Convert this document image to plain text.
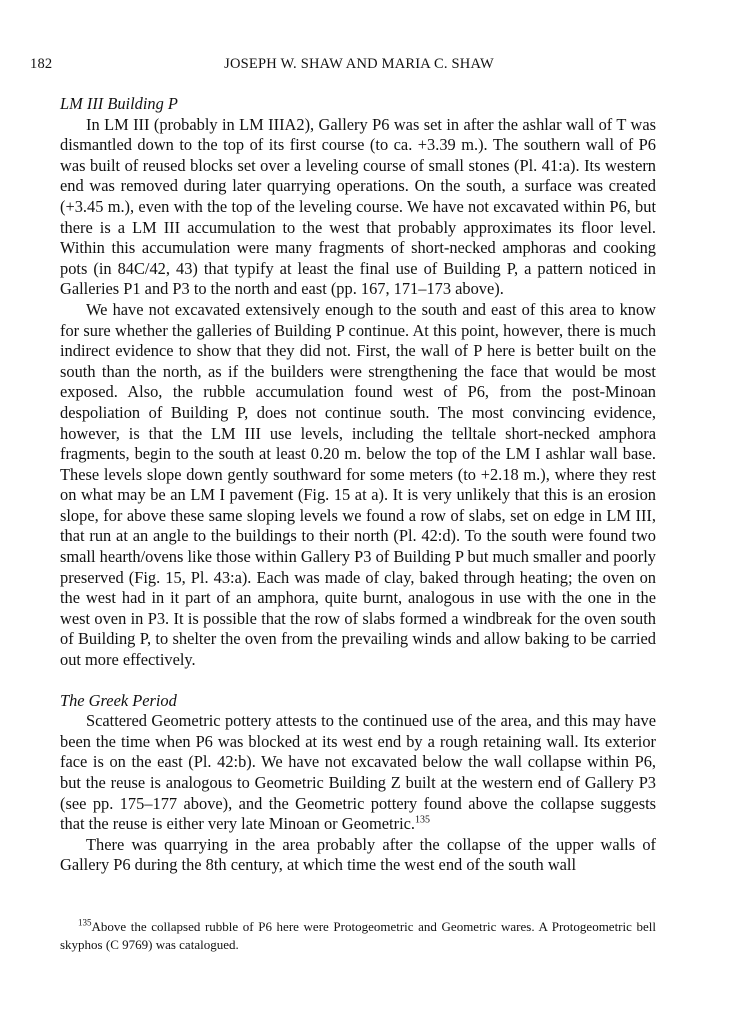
182	JOSEPH W. SHAW AND MARIA C. SHAW

LM III Building P

In LM III (probably in LM IIIA2), Gallery P6 was set in after the ashlar wall of T was dismantled down to the top of its first course (to ca. +3.39 m.). The southern wall of P6 was built of reused blocks set over a leveling course of small stones (Pl. 41:a). Its western end was removed during later quarrying operations. On the south, a surface was created (+3.45 m.), even with the top of the leveling course. We have not excavated within P6, but there is a LM III accumulation to the west that probably approximates its floor level. Within this accumulation were many fragments of short-necked amphoras and cooking pots (in 84C/42, 43) that typify at least the final use of Building P, a pattern noticed in Galleries P1 and P3 to the north and east (pp. 167, 171–173 above).

We have not excavated extensively enough to the south and east of this area to know for sure whether the galleries of Building P continue. At this point, however, there is much indirect evidence to show that they did not. First, the wall of P here is better built on the south than the north, as if the builders were strengthening the face that would be most exposed. Also, the rubble accumulation found west of P6, from the post-Minoan despoliation of Building P, does not continue south. The most convincing evidence, however, is that the LM III use levels, including the telltale short-necked amphora fragments, begin to the south at least 0.20 m. below the top of the LM I ashlar wall base. These levels slope down gently southward for some meters (to +2.18 m.), where they rest on what may be an LM I pavement (Fig. 15 at a). It is very unlikely that this is an erosion slope, for above these same sloping levels we found a row of slabs, set on edge in LM III, that run at an angle to the buildings to their north (Pl. 42:d). To the south were found two small hearth/ovens like those within Gallery P3 of Building P but much smaller and poorly preserved (Fig. 15, Pl. 43:a). Each was made of clay, baked through heating; the oven on the west had in it part of an amphora, quite burnt, analogous in use with the one in the west oven in P3. It is possible that the row of slabs formed a windbreak for the oven south of Building P, to shelter the oven from the prevailing winds and allow baking to be carried out more effectively.

The Greek Period

Scattered Geometric pottery attests to the continued use of the area, and this may have been the time when P6 was blocked at its west end by a rough retaining wall. Its exterior face is on the east (Pl. 42:b). We have not excavated below the wall collapse within P6, but the reuse is analogous to Geometric Building Z built at the western end of Gallery P3 (see pp. 175–177 above), and the Geometric pottery found above the collapse suggests that the reuse is either very late Minoan or Geometric.$^{135}$

There was quarrying in the area probably after the collapse of the upper walls of Gallery P6 during the 8th century, at which time the west end of the south wall

$^{135}$Above the collapsed rubble of P6 here were Protogeometric and Geometric wares. A Protogeometric bell skyphos (C 9769) was catalogued.
